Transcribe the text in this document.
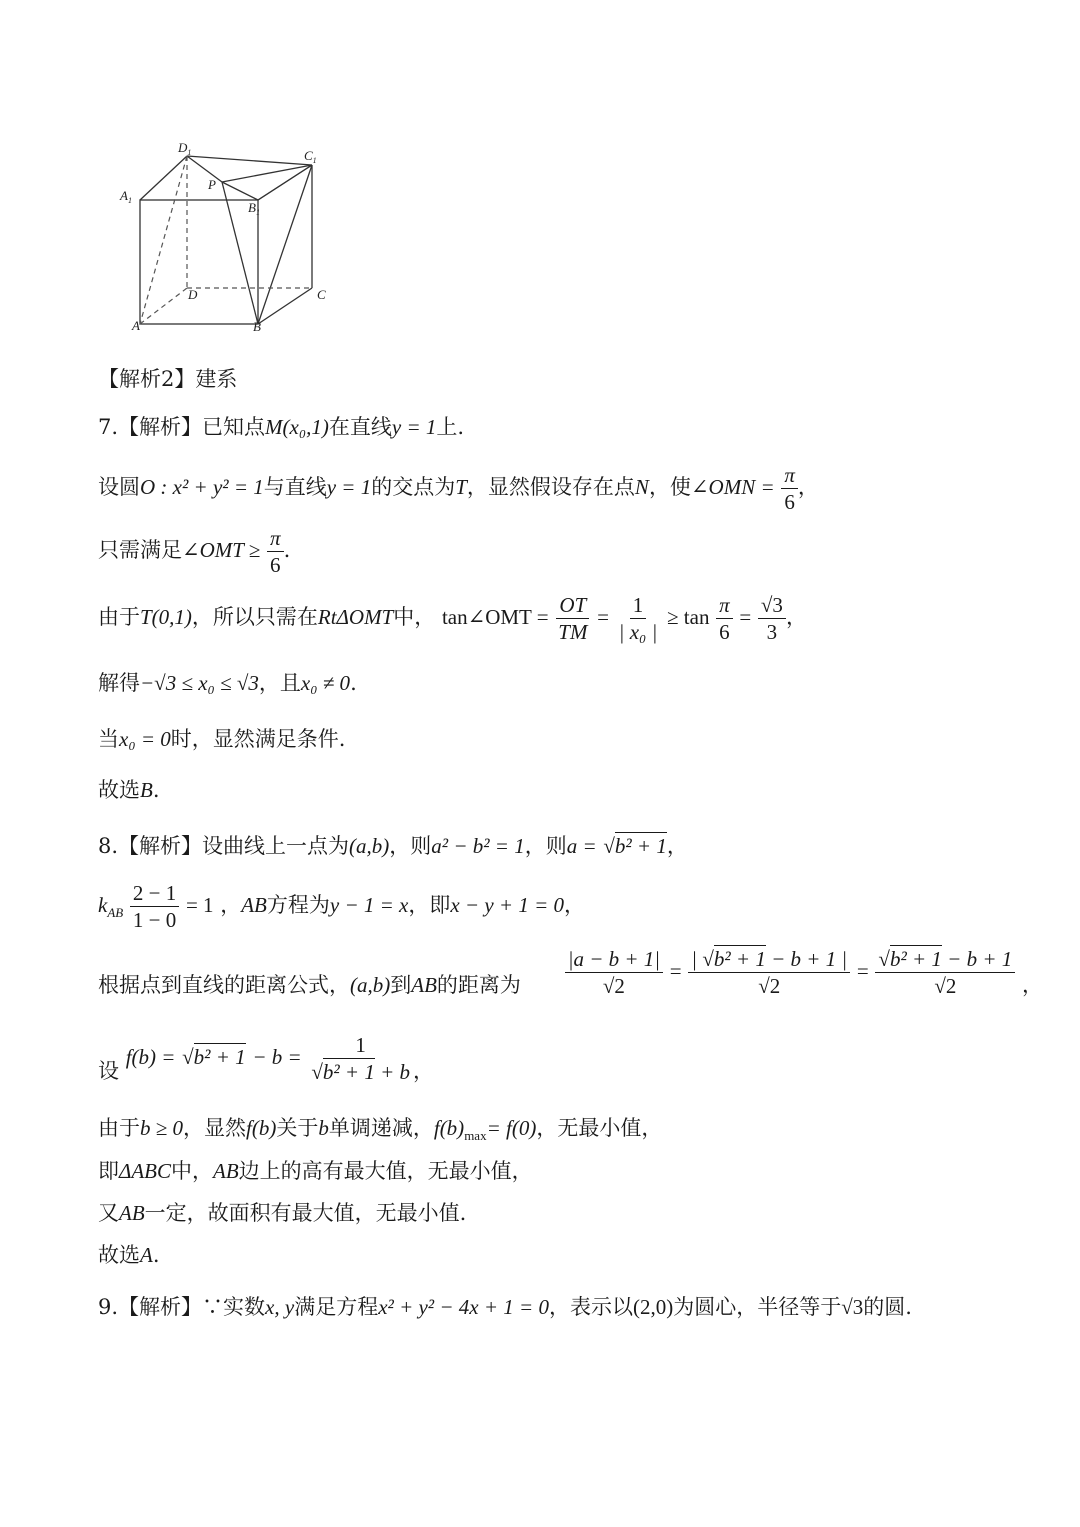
$D_1$	$C_1$
$A_1$
P
$B_1$
D	C
A	B
【解析2】建系
7.【解析】已知点M(x₀,1)在直线y = 1上.
设圆O : x² + y² = 1与直线y = 1的交点为T，显然假设存在点N，使∠OMN = $\frac{\pi}{6}$ ，
只需满足∠OMT ≥ $\frac{\pi}{6}$ .
由于T(0,1)，所以只需在RtΔOMT中， tan∠OMT = $\frac{OT}{TM} = \frac{1}{\text{| x₀ |}} \ge \tan \frac{\pi}{6} = \frac{√3}{3}$ ，
解得−√3 ≤ x₀ ≤ √3，且x₀ ≠ 0.
当x₀ = 0时，显然满足条件.
故选B.
8.【解析】设曲线上一点为(a,b)，则a² − b² = 1，则a = √b² + 1，
$k_{AB} \frac{2 - 1}{1 - 0} = 1$ ，AB方程为y − 1 = x，即x − y + 1 = 0，
根据点到直线的距离公式，(a,b)到AB的距离为 $\frac{|a - b + 1|}{√2} = \frac{\text{| √b² + 1 − b + 1 |}}{√2} = \frac{\text{√b² + 1 − b + 1}}{√2}$ ，
设 $f(b) = √b^2 + 1 - b = \frac{1}{\text{√b² + 1 + b}}$ ，
由于b ≥ 0，显然f(b)关于b单调递减，$f(b)_{max}= f(0)$，无最小值，
即ΔABC中，AB边上的高有最大值，无最小值，
又AB一定，故面积有最大值，无最小值.
故选A.
9.【解析】∵实数x, y满足方程x² + y² − 4x + 1 = 0，表示以(2,0)为圆心，半径等于√3的圆.
